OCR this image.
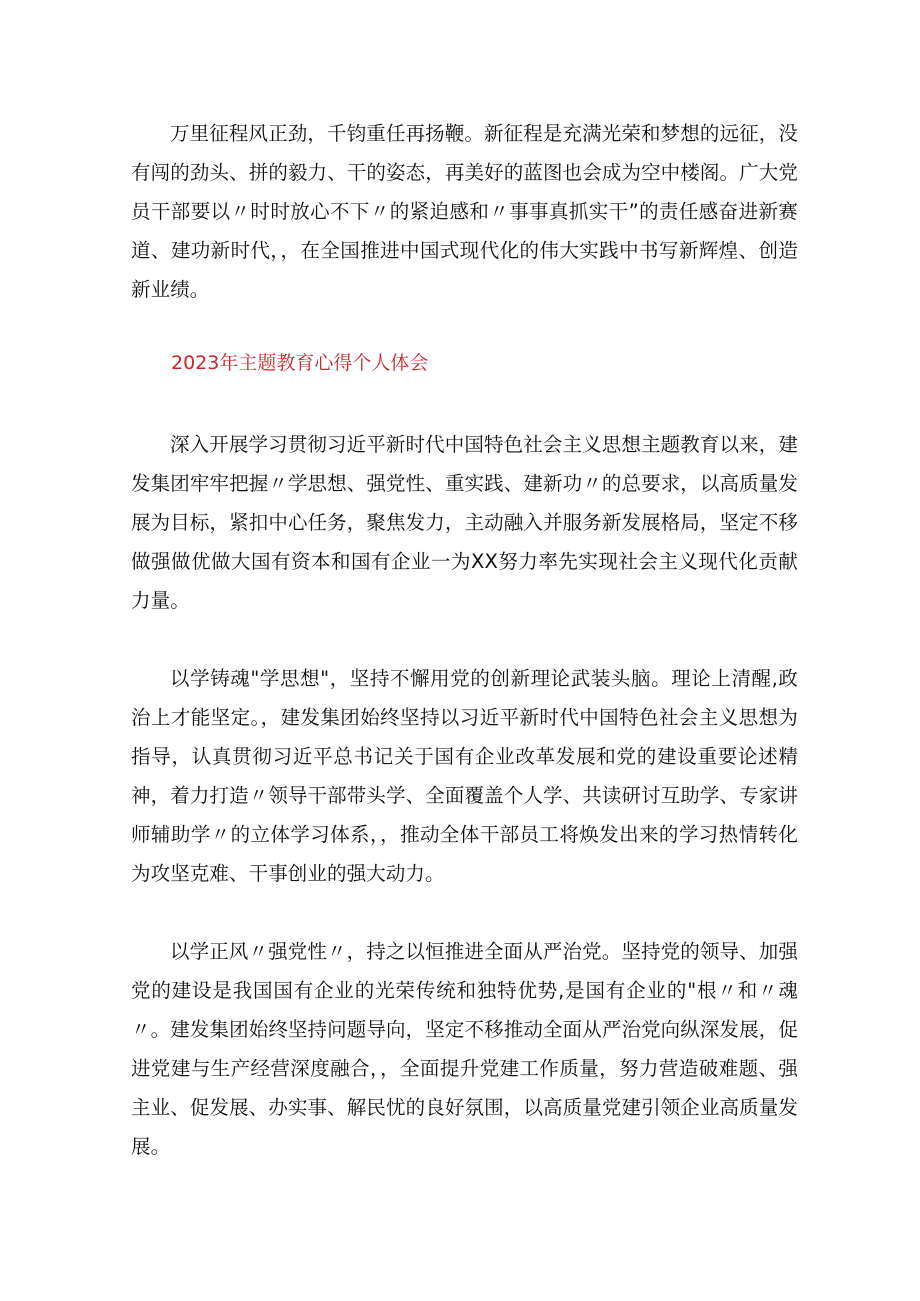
万里征程风正劲，千钧重任再扬鞭。新征程是充满光荣和梦想的远征，没有闯的劲头、拼的毅力、干的姿态，再美好的蓝图也会成为空中楼阁。广大党员干部要以〃时时放心不下〃的紧迫感和〃事事真抓实干”的责任感奋进新赛道、建功新时代，，在全国推进中国式现代化的伟大实践中书写新辉煌、创造新业绩。

2023年主题教育心得个人体会

深入开展学习贯彻习近平新时代中国特色社会主义思想主题教育以来，建发集团牢牢把握〃学思想、强党性、重实践、建新功〃的总要求，以高质量发展为目标，紧扣中心任务，聚焦发力，主动融入并服务新发展格局，坚定不移做强做优做大国有资本和国有企业一为XX努力率先实现社会主义现代化贡献力量。

以学铸魂"学思想"，坚持不懈用党的创新理论武装头脑。理论上清醒,政治上才能坚定。，建发集团始终坚持以习近平新时代中国特色社会主义思想为指导，认真贯彻习近平总书记关于国有企业改革发展和党的建设重要论述精神，着力打造〃领导干部带头学、全面覆盖个人学、共读研讨互助学、专家讲师辅助学〃的立体学习体系，，推动全体干部员工将焕发出来的学习热情转化为攻坚克难、干事创业的强大动力。

以学正风〃强党性〃，持之以恒推进全面从严治党。坚持党的领导、加强党的建设是我国国有企业的光荣传统和独特优势,是国有企业的"根〃和〃魂〃。建发集团始终坚持问题导向，坚定不移推动全面从严治党向纵深发展，促进党建与生产经营深度融合，，全面提升党建工作质量，努力营造破难题、强主业、促发展、办实事、解民忧的良好氛围，以高质量党建引领企业高质量发展。
